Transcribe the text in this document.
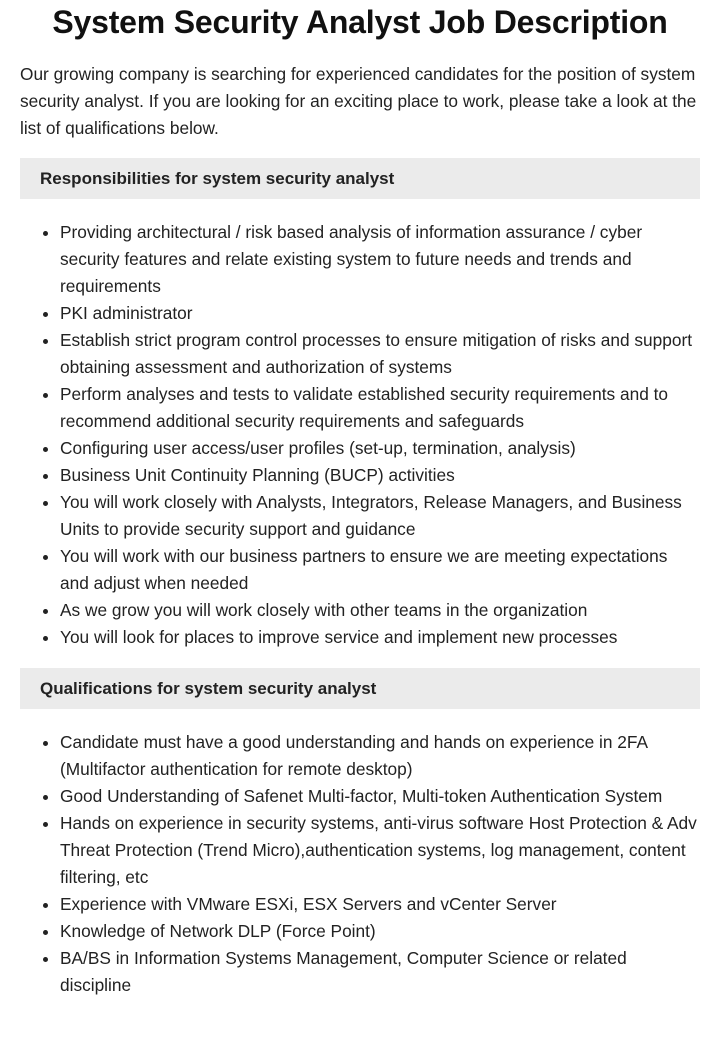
System Security Analyst Job Description

Our growing company is searching for experienced candidates for the position of system security analyst. If you are looking for an exciting place to work, please take a look at the list of qualifications below.

Responsibilities for system security analyst
• Providing architectural / risk based analysis of information assurance / cyber security features and relate existing system to future needs and trends and requirements
• PKI administrator
• Establish strict program control processes to ensure mitigation of risks and support obtaining assessment and authorization of systems
• Perform analyses and tests to validate established security requirements and to recommend additional security requirements and safeguards
• Configuring user access/user profiles (set-up, termination, analysis)
• Business Unit Continuity Planning (BUCP) activities
• You will work closely with Analysts, Integrators, Release Managers, and Business Units to provide security support and guidance
• You will work with our business partners to ensure we are meeting expectations and adjust when needed
• As we grow you will work closely with other teams in the organization
• You will look for places to improve service and implement new processes
Qualifications for system security analyst
• Candidate must have a good understanding and hands on experience in 2FA (Multifactor authentication for remote desktop)
• Good Understanding of Safenet Multi-factor, Multi-token Authentication System
• Hands on experience in security systems, anti-virus software Host Protection & Adv Threat Protection (Trend Micro),authentication systems, log management, content filtering, etc
• Experience with VMware ESXi, ESX Servers and vCenter Server
• Knowledge of Network DLP (Force Point)
• BA/BS in Information Systems Management, Computer Science or related discipline
